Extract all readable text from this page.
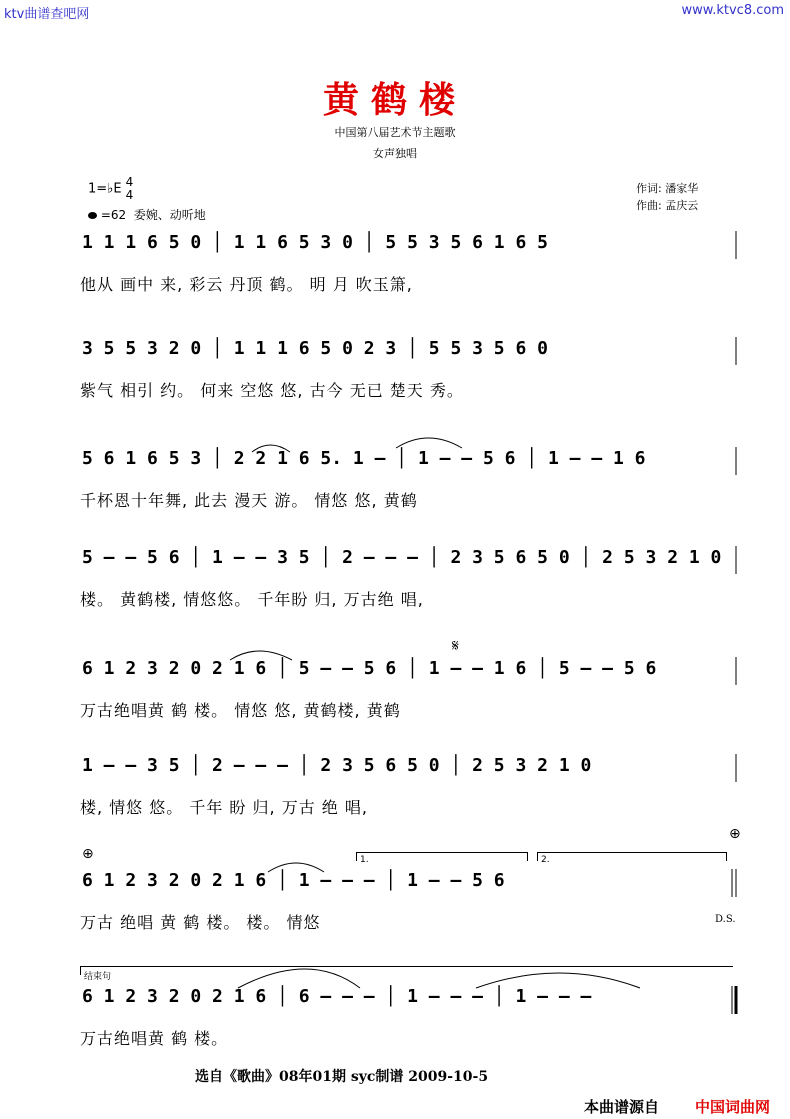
ktv曲谱查吧网	www.ktvc8.com
黄鹤楼
中国第八届艺术节主题歌
女声独唱
1=♭E 4
4
=62 委婉、动听地
作词: 潘家华
作曲: 孟庆云
1 1 1 6 5 0 │ 1 1 6 5 3 0 │ 5 5 3 5 6 1 6 5
他从 画中 来, 彩云 丹顶 鹤。 明 月 吹玉箫,
3 5 5 3 2 0 │ 1 1 1 6 5 0 2 3 │ 5 5 3 5 6 0
紫气 相引 约。 何来 空悠 悠, 古今 无已 楚天 秀。
5 6 1 6 5 3 │ 2 2 1 6 5. 1 — │ 1 — — 5 6 │ 1 — — 1 6
千杯恩十年舞, 此去 漫天 游。 情悠 悠, 黄鹤
5 — — 5 6 │ 1 — — 3 5 │ 2 — — — │ 2 3 5 6 5 0 │ 2 5 3 2 1 0
楼。 黄鹤楼, 情悠悠。 千年盼 归, 万古绝 唱,
6 1 2 3 2 0 2 1 6 │ 5 — — 5 6 │ 1 — — 1 6 │ 5 — — 5 6
万古绝唱黄 鹤 楼。 情悠 悠, 黄鹤楼, 黄鹤
1 — — 3 5 │ 2 — — — │ 2 3 5 6 5 0 │ 2 5 3 2 1 0
楼, 情悠 悠。 千年 盼 归, 万古 绝 唱,
⊕
⊕
1.	2.
6 1 2 3 2 0 2 1 6 │ 1 — — — │ 1 — — 5 6
万古 绝唱 黄 鹤 楼。 楼。 情悠	D.S.
结束句
6 1 2 3 2 0 2 1 6 │ 6 — — — │ 1 — — — │ 1 — — —
万古绝唱黄 鹤 楼。
𝄋
选自《歌曲》08年01期 syc制谱 2009-10-5
本曲谱源自 中国词曲网
